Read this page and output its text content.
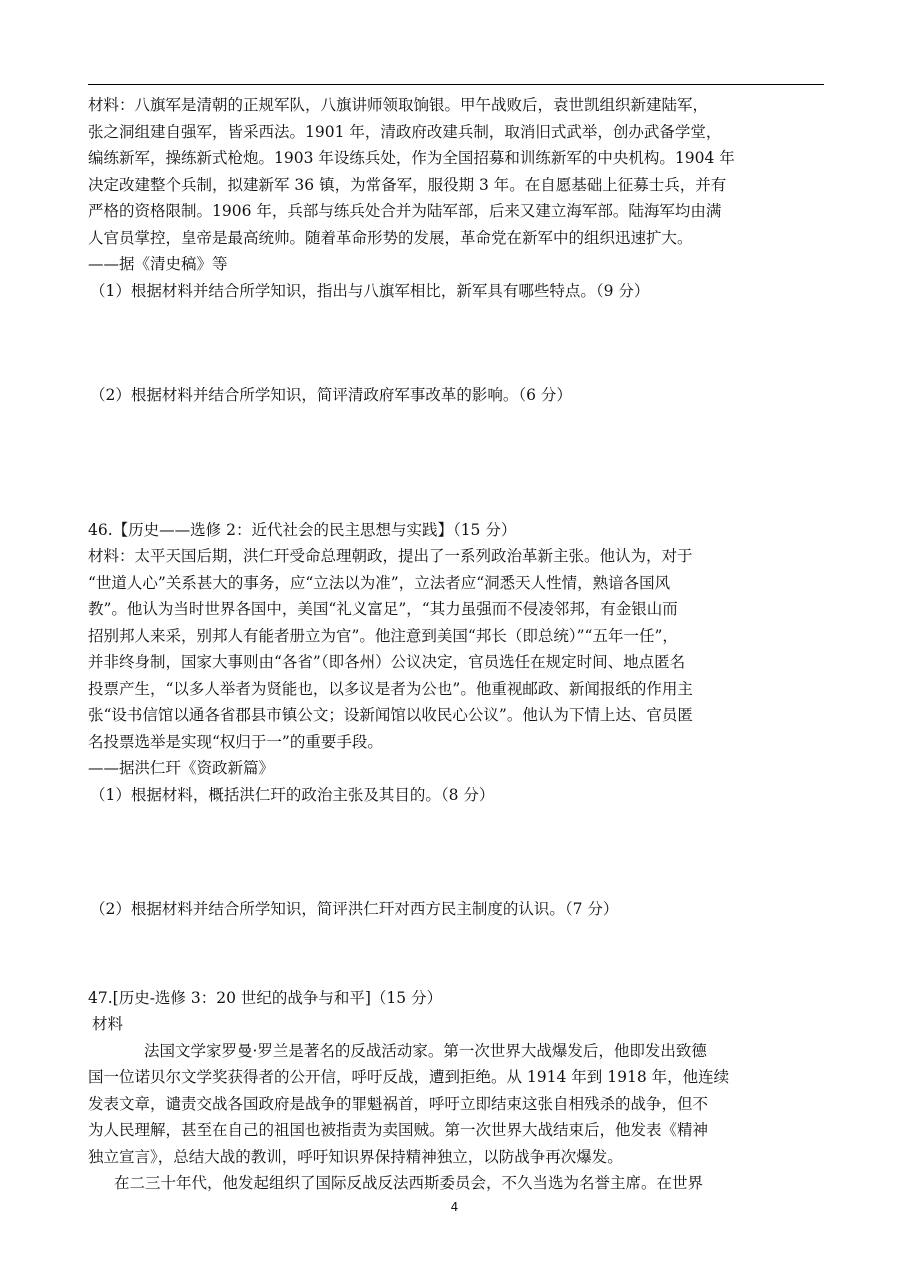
材料：八旗军是清朝的正规军队，八旗讲师领取饷银。甲午战败后，袁世凯组织新建陆军，
张之洞组建自强军，皆采西法。1901 年，清政府改建兵制，取消旧式武举，创办武备学堂，
编练新军，操练新式枪炮。1903 年设练兵处，作为全国招募和训练新军的中央机构。1904 年
决定改建整个兵制，拟建新军 36 镇，为常备军，服役期 3 年。在自愿基础上征募士兵，并有
严格的资格限制。1906 年，兵部与练兵处合并为陆军部，后来又建立海军部。陆海军均由满
人官员掌控，皇帝是最高统帅。随着革命形势的发展，革命党在新军中的组织迅速扩大。
——据《清史稿》等
（1）根据材料并结合所学知识，指出与八旗军相比，新军具有哪些特点。（9 分）
（2）根据材料并结合所学知识，简评清政府军事改革的影响。（6 分）
46.【历史——选修 2：近代社会的民主思想与实践】（15 分）
材料：太平天国后期，洪仁玕受命总理朝政，提出了一系列政治革新主张。他认为，对于
“世道人心”关系甚大的事务，应“立法以为准”，立法者应“洞悉天人性情，熟谙各国风
教”。他认为当时世界各国中，美国“礼义富足”，“其力虽强而不侵凌邻邦，有金银山而
招别邦人来采，别邦人有能者册立为官”。他注意到美国“邦长（即总统）”“五年一任”，
并非终身制，国家大事则由“各省”（即各州）公议决定，官员选任在规定时间、地点匿名
投票产生，“以多人举者为贤能也，以多议是者为公也”。他重视邮政、新闻报纸的作用主
张“设书信馆以通各省郡县市镇公文；设新闻馆以收民心公议”。他认为下情上达、官员匿
名投票选举是实现“权归于一”的重要手段。
——据洪仁玕《资政新篇》
（1）根据材料，概括洪仁玕的政治主张及其目的。（8 分）
（2）根据材料并结合所学知识，简评洪仁玕对西方民主制度的认识。（7 分）
47.[历史-选修 3：20 世纪的战争与和平]（15 分）
材料
法国文学家罗曼·罗兰是著名的反战活动家。第一次世界大战爆发后，他即发出致德
国一位诺贝尔文学奖获得者的公开信，呼吁反战，遭到拒绝。从 1914 年到 1918 年，他连续
发表文章，谴责交战各国政府是战争的罪魁祸首，呼吁立即结束这张自相残杀的战争，但不
为人民理解，甚至在自己的祖国也被指责为卖国贼。第一次世界大战结束后，他发表《精神
独立宣言》，总结大战的教训，呼吁知识界保持精神独立，以防战争再次爆发。
在二三十年代，他发起组织了国际反战反法西斯委员会，不久当选为名誉主席。在世界
4
